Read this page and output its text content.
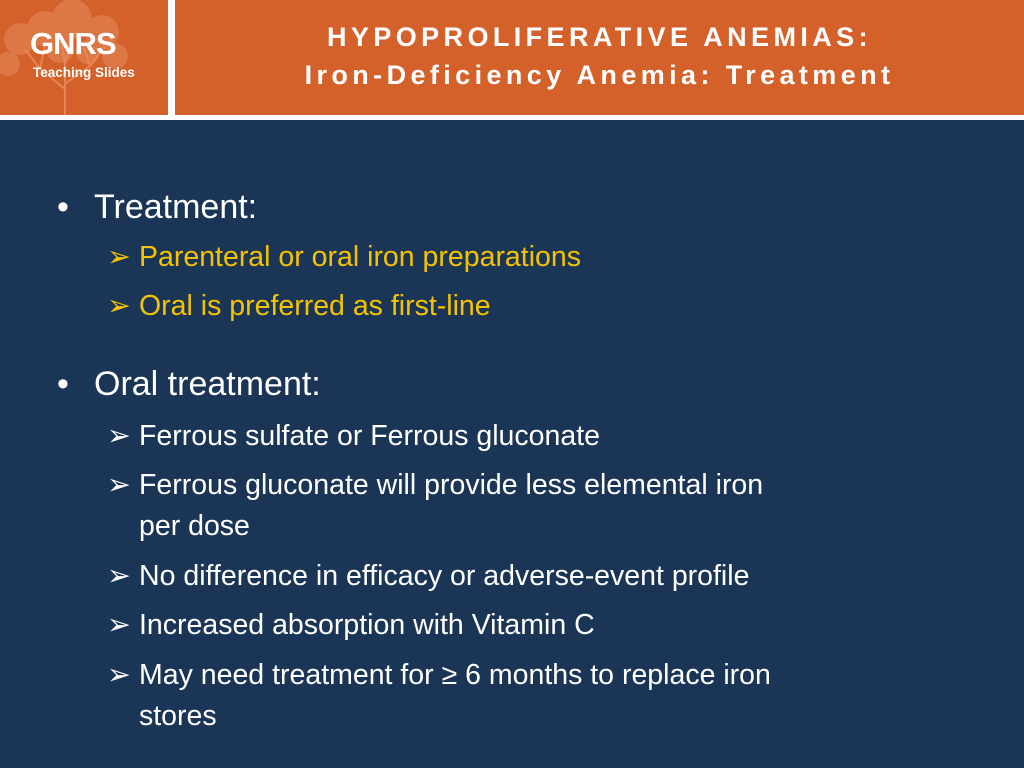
GNRS
Teaching Slides
HYPOPROLIFERATIVE ANEMIAS:
Iron-Deficiency Anemia: Treatment
• Treatment:
➢ Parenteral or oral iron preparations
➢ Oral is preferred as first-line
• Oral treatment:
➢ Ferrous sulfate or Ferrous gluconate
➢ Ferrous gluconate will provide less elemental iron
per dose
➢ No difference in efficacy or adverse-event profile
➢ Increased absorption with Vitamin C
➢ May need treatment for ≥ 6 months to replace iron
stores
